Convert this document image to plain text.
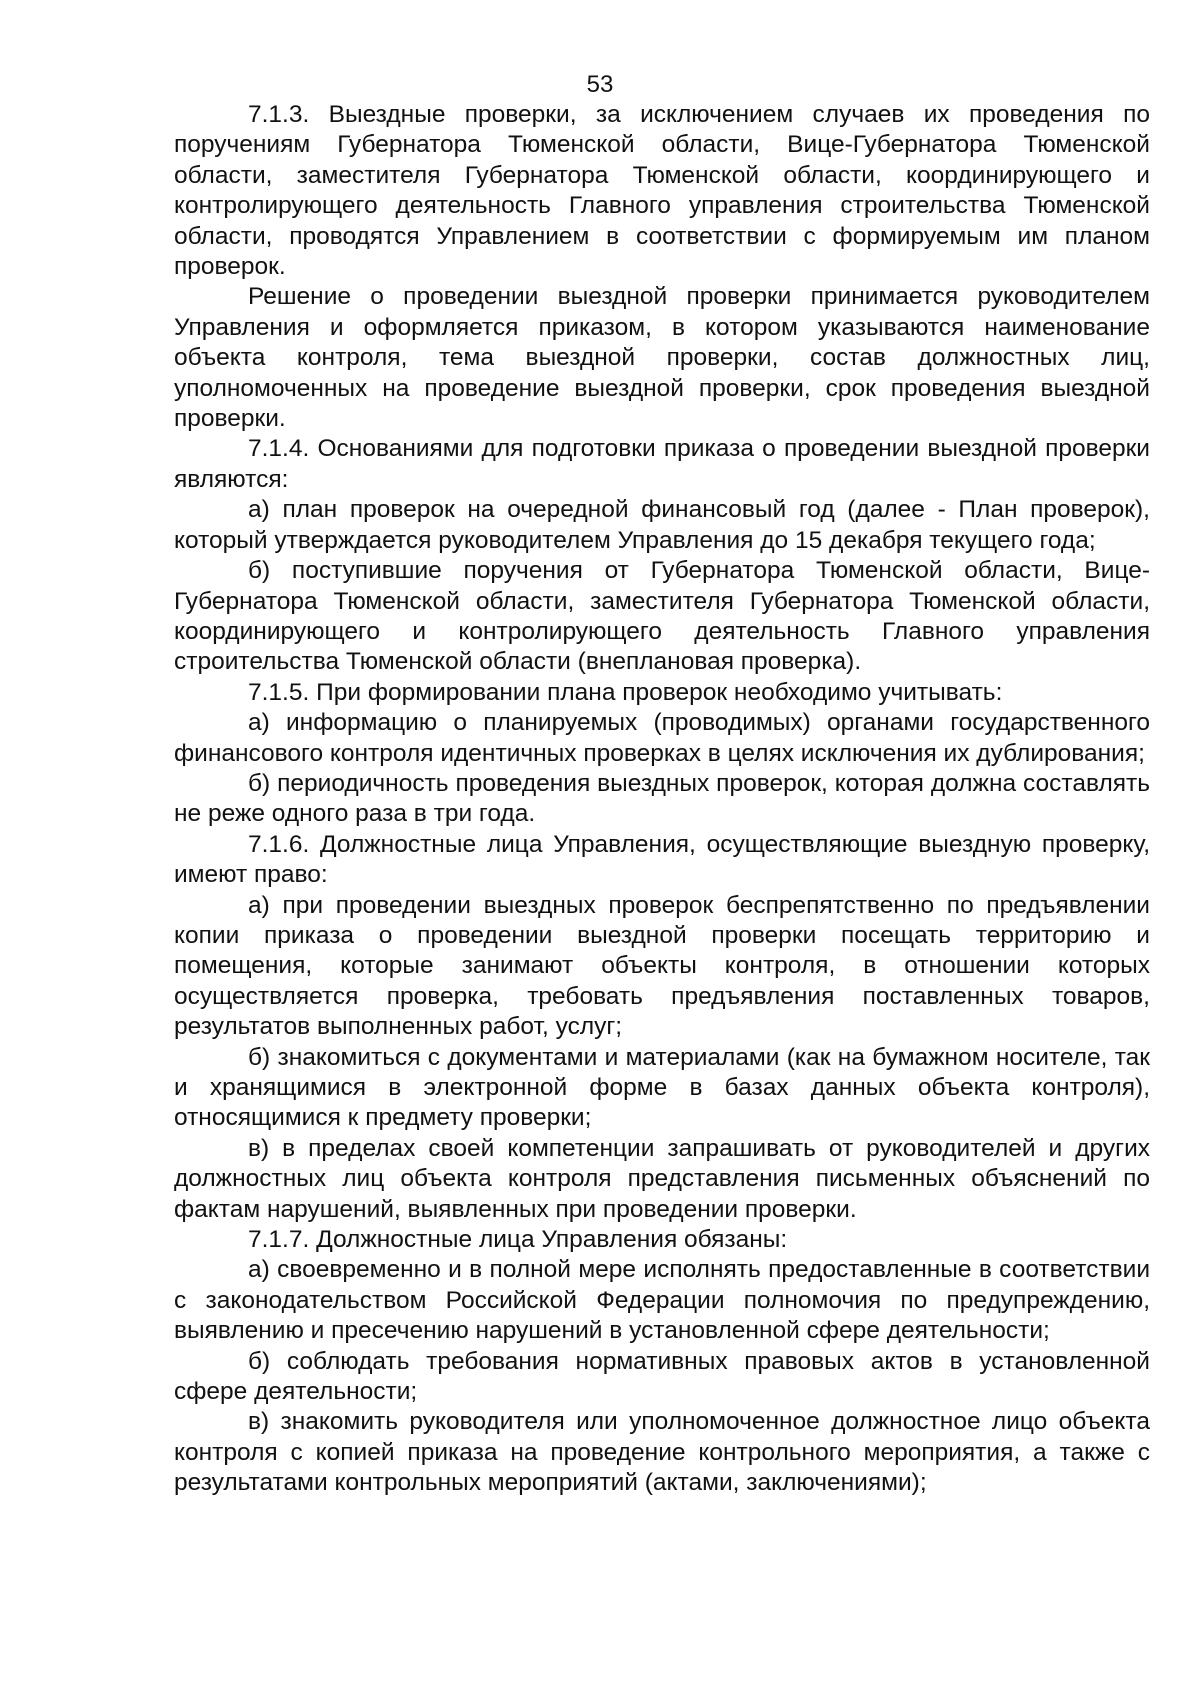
53

7.1.3. Выездные проверки, за исключением случаев их проведения по поручениям Губернатора Тюменской области, Вице-Губернатора Тюменской области, заместителя Губернатора Тюменской области, координирующего и контролирующего деятельность Главного управления строительства Тюменской области, проводятся Управлением в соответствии с формируемым им планом проверок.

Решение о проведении выездной проверки принимается руководителем Управления и оформляется приказом, в котором указываются наименование объекта контроля, тема выездной проверки, состав должностных лиц, уполномоченных на проведение выездной проверки, срок проведения выездной проверки.

7.1.4. Основаниями для подготовки приказа о проведении выездной проверки являются:

а) план проверок на очередной финансовый год (далее - План проверок), который утверждается руководителем Управления до 15 декабря текущего года;

б) поступившие поручения от Губернатора Тюменской области, Вице-Губернатора Тюменской области, заместителя Губернатора Тюменской области, координирующего и контролирующего деятельность Главного управления строительства Тюменской области (внеплановая проверка).

7.1.5. При формировании плана проверок необходимо учитывать:

а) информацию о планируемых (проводимых) органами государственного финансового контроля идентичных проверках в целях исключения их дублирования;

б) периодичность проведения выездных проверок, которая должна составлять не реже одного раза в три года.

7.1.6. Должностные лица Управления, осуществляющие выездную проверку, имеют право:

а) при проведении выездных проверок беспрепятственно по предъявлении копии приказа о проведении выездной проверки посещать территорию и помещения, которые занимают объекты контроля, в отношении которых осуществляется проверка, требовать предъявления поставленных товаров, результатов выполненных работ, услуг;

б) знакомиться с документами и материалами (как на бумажном носителе, так и хранящимися в электронной форме в базах данных объекта контроля), относящимися к предмету проверки;

в) в пределах своей компетенции запрашивать от руководителей и других должностных лиц объекта контроля представления письменных объяснений по фактам нарушений, выявленных при проведении проверки.

7.1.7. Должностные лица Управления обязаны:

а) своевременно и в полной мере исполнять предоставленные в соответствии с законодательством Российской Федерации полномочия по предупреждению, выявлению и пресечению нарушений в установленной сфере деятельности;

б) соблюдать требования нормативных правовых актов в установленной сфере деятельности;

в) знакомить руководителя или уполномоченное должностное лицо объекта контроля с копией приказа на проведение контрольного мероприятия, а также с результатами контрольных мероприятий (актами, заключениями);
